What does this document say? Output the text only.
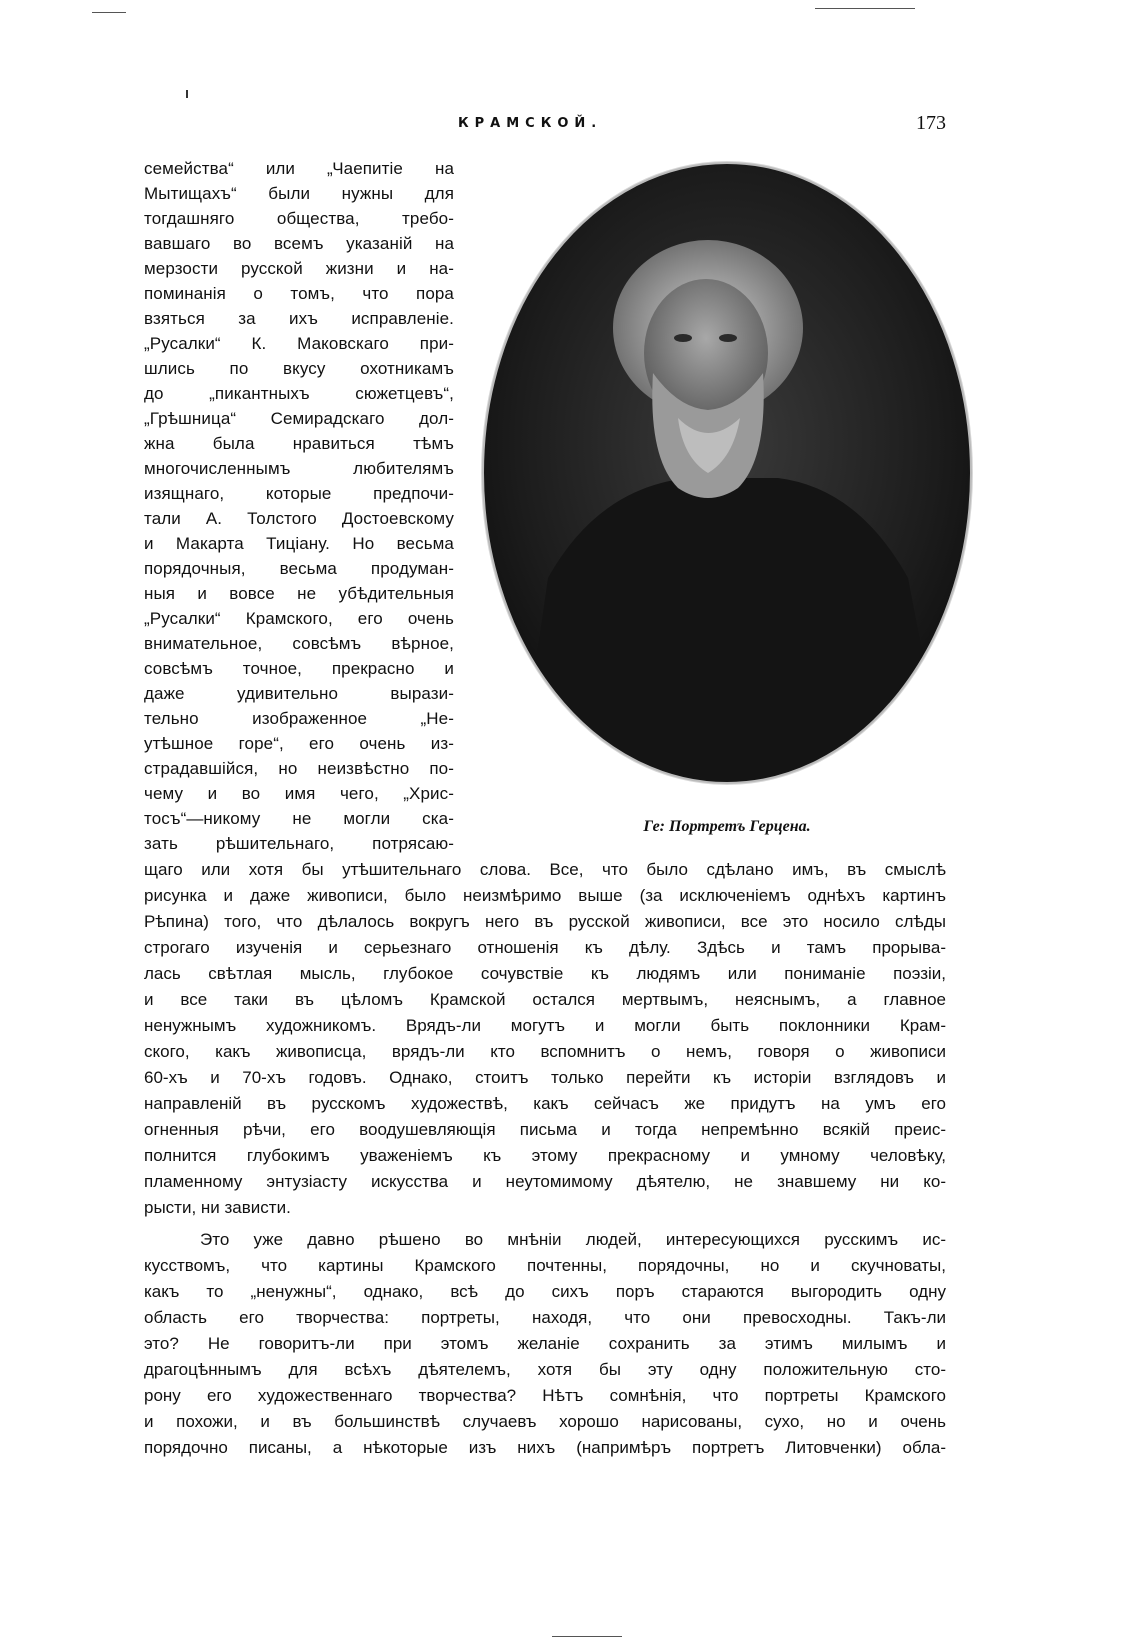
КРАМСКОЙ.	173
Ге: Портретъ Герцена.
семейства“ или „Чаепитіе на
Мытищахъ“ были нужны для
тогдашняго общества, требо-
вавшаго во всемъ указаній на
мерзости русской жизни и на-
поминанія о томъ, что пора
взяться за ихъ исправленіе.
„Русалки“ К. Маковскаго при-
шлись по вкусу охотникамъ
до „пикантныхъ сюжетцевъ“,
„Грѣшница“ Семирадскаго дол-
жна была нравиться тѣмъ
многочисленнымъ любителямъ
изящнаго, которые предпочи-
тали А. Толстого Достоевскому
и Макарта Тиціану. Но весьма
порядочныя, весьма продуман-
ныя и вовсе не убѣдительныя
„Русалки“ Крамского, его очень
внимательное, совсѣмъ вѣрное,
совсѣмъ точное, прекрасно и
даже удивительно вырази-
тельно изображенное „Не-
утѣшное горе“, его очень из-
страдавшійся, но неизвѣстно по-
чему и во имя чего, „Хрис-
тосъ“—никому не могли ска-
зать рѣшительнаго, потрясаю-
щаго или хотя бы утѣшительнаго слова. Все, что было сдѣлано имъ, въ смыслѣ
рисунка и даже живописи, было неизмѣримо выше (за исключеніемъ однѣхъ картинъ
Рѣпина) того, что дѣлалось вокругъ него въ русской живописи, все это носило слѣды
строгаго изученія и серьезнаго отношенія къ дѣлу. Здѣсь и тамъ прорыва-
лась свѣтлая мысль, глубокое сочувствіе къ людямъ или пониманіе поэзіи,
и все таки въ цѣломъ Крамской остался мертвымъ, неяснымъ, а главное
ненужнымъ художникомъ. Врядъ-ли могутъ и могли быть поклонники Крам-
ского, какъ живописца, врядъ-ли кто вспомнитъ о немъ, говоря о живописи
60-хъ и 70-хъ годовъ. Однако, стоитъ только перейти къ исторіи взглядовъ и
направленій въ русскомъ художествѣ, какъ сейчасъ же придутъ на умъ его
огненныя рѣчи, его воодушевляющія письма и тогда непремѣнно всякій преис-
полнится глубокимъ уваженіемъ къ этому прекрасному и умному человѣку,
пламенному энтузіасту искусства и неутомимому дѣятелю, не знавшему ни ко-
рысти, ни зависти.
Это уже давно рѣшено во мнѣніи людей, интересующихся русскимъ ис-
кусствомъ, что картины Крамского почтенны, порядочны, но и скучноваты,
какъ то „ненужны“, однако, всѣ до сихъ поръ стараются выгородить одну
область его творчества: портреты, находя, что они превосходны. Такъ-ли
это? Не говоритъ-ли при этомъ желаніе сохранить за этимъ милымъ и
драгоцѣннымъ для всѣхъ дѣятелемъ, хотя бы эту одну положительную сто-
рону его художественнаго творчества? Нѣтъ сомнѣнія, что портреты Крамского
и похожи, и въ большинствѣ случаевъ хорошо нарисованы, сухо, но и очень
порядочно писаны, а нѣкоторые изъ нихъ (напримѣръ портретъ Литовченки) обла-
